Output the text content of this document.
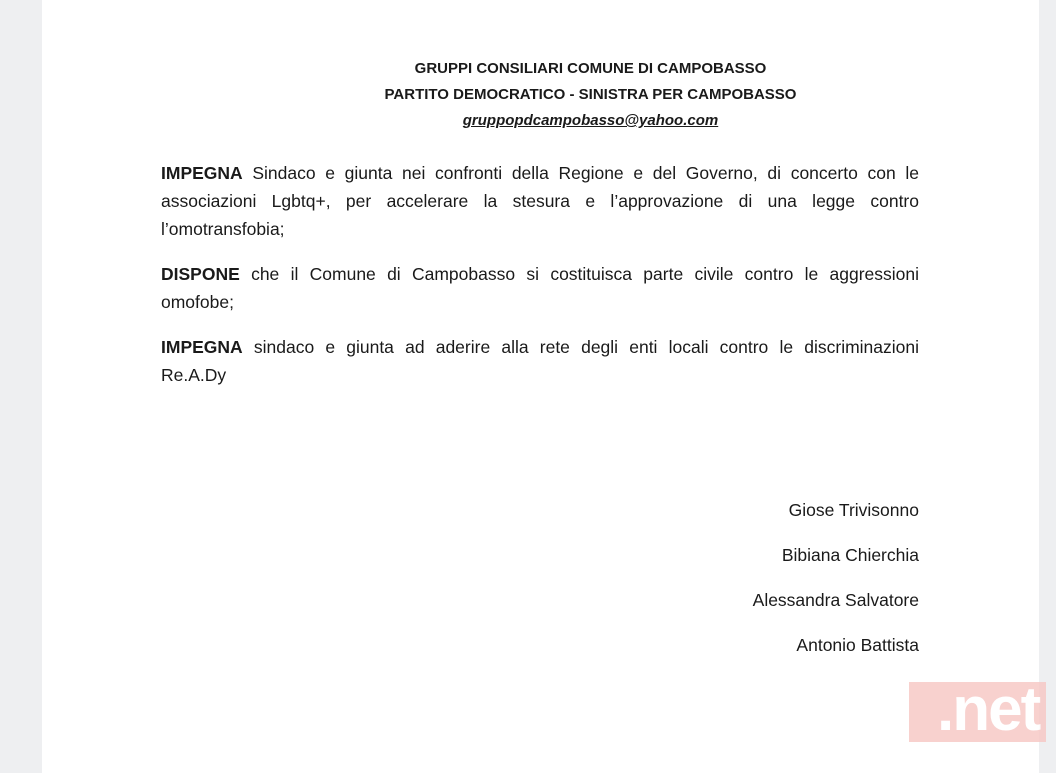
GRUPPI CONSILIARI COMUNE DI CAMPOBASSO
PARTITO DEMOCRATICO - SINISTRA PER CAMPOBASSO
gruppopdcampobasso@yahoo.com
IMPEGNA Sindaco e giunta nei confronti della Regione e del Governo, di concerto con le associazioni Lgbtq+, per accelerare la stesura e l’approvazione di una legge contro l’omotransfobia;
DISPONE che il Comune di Campobasso si costituisca parte civile contro le aggressioni omofobe;
IMPEGNA sindaco e giunta ad aderire alla rete degli enti locali contro le discriminazioni Re.A.Dy
Giose Trivisonno
Bibiana Chierchia
Alessandra Salvatore
Antonio Battista
.net
